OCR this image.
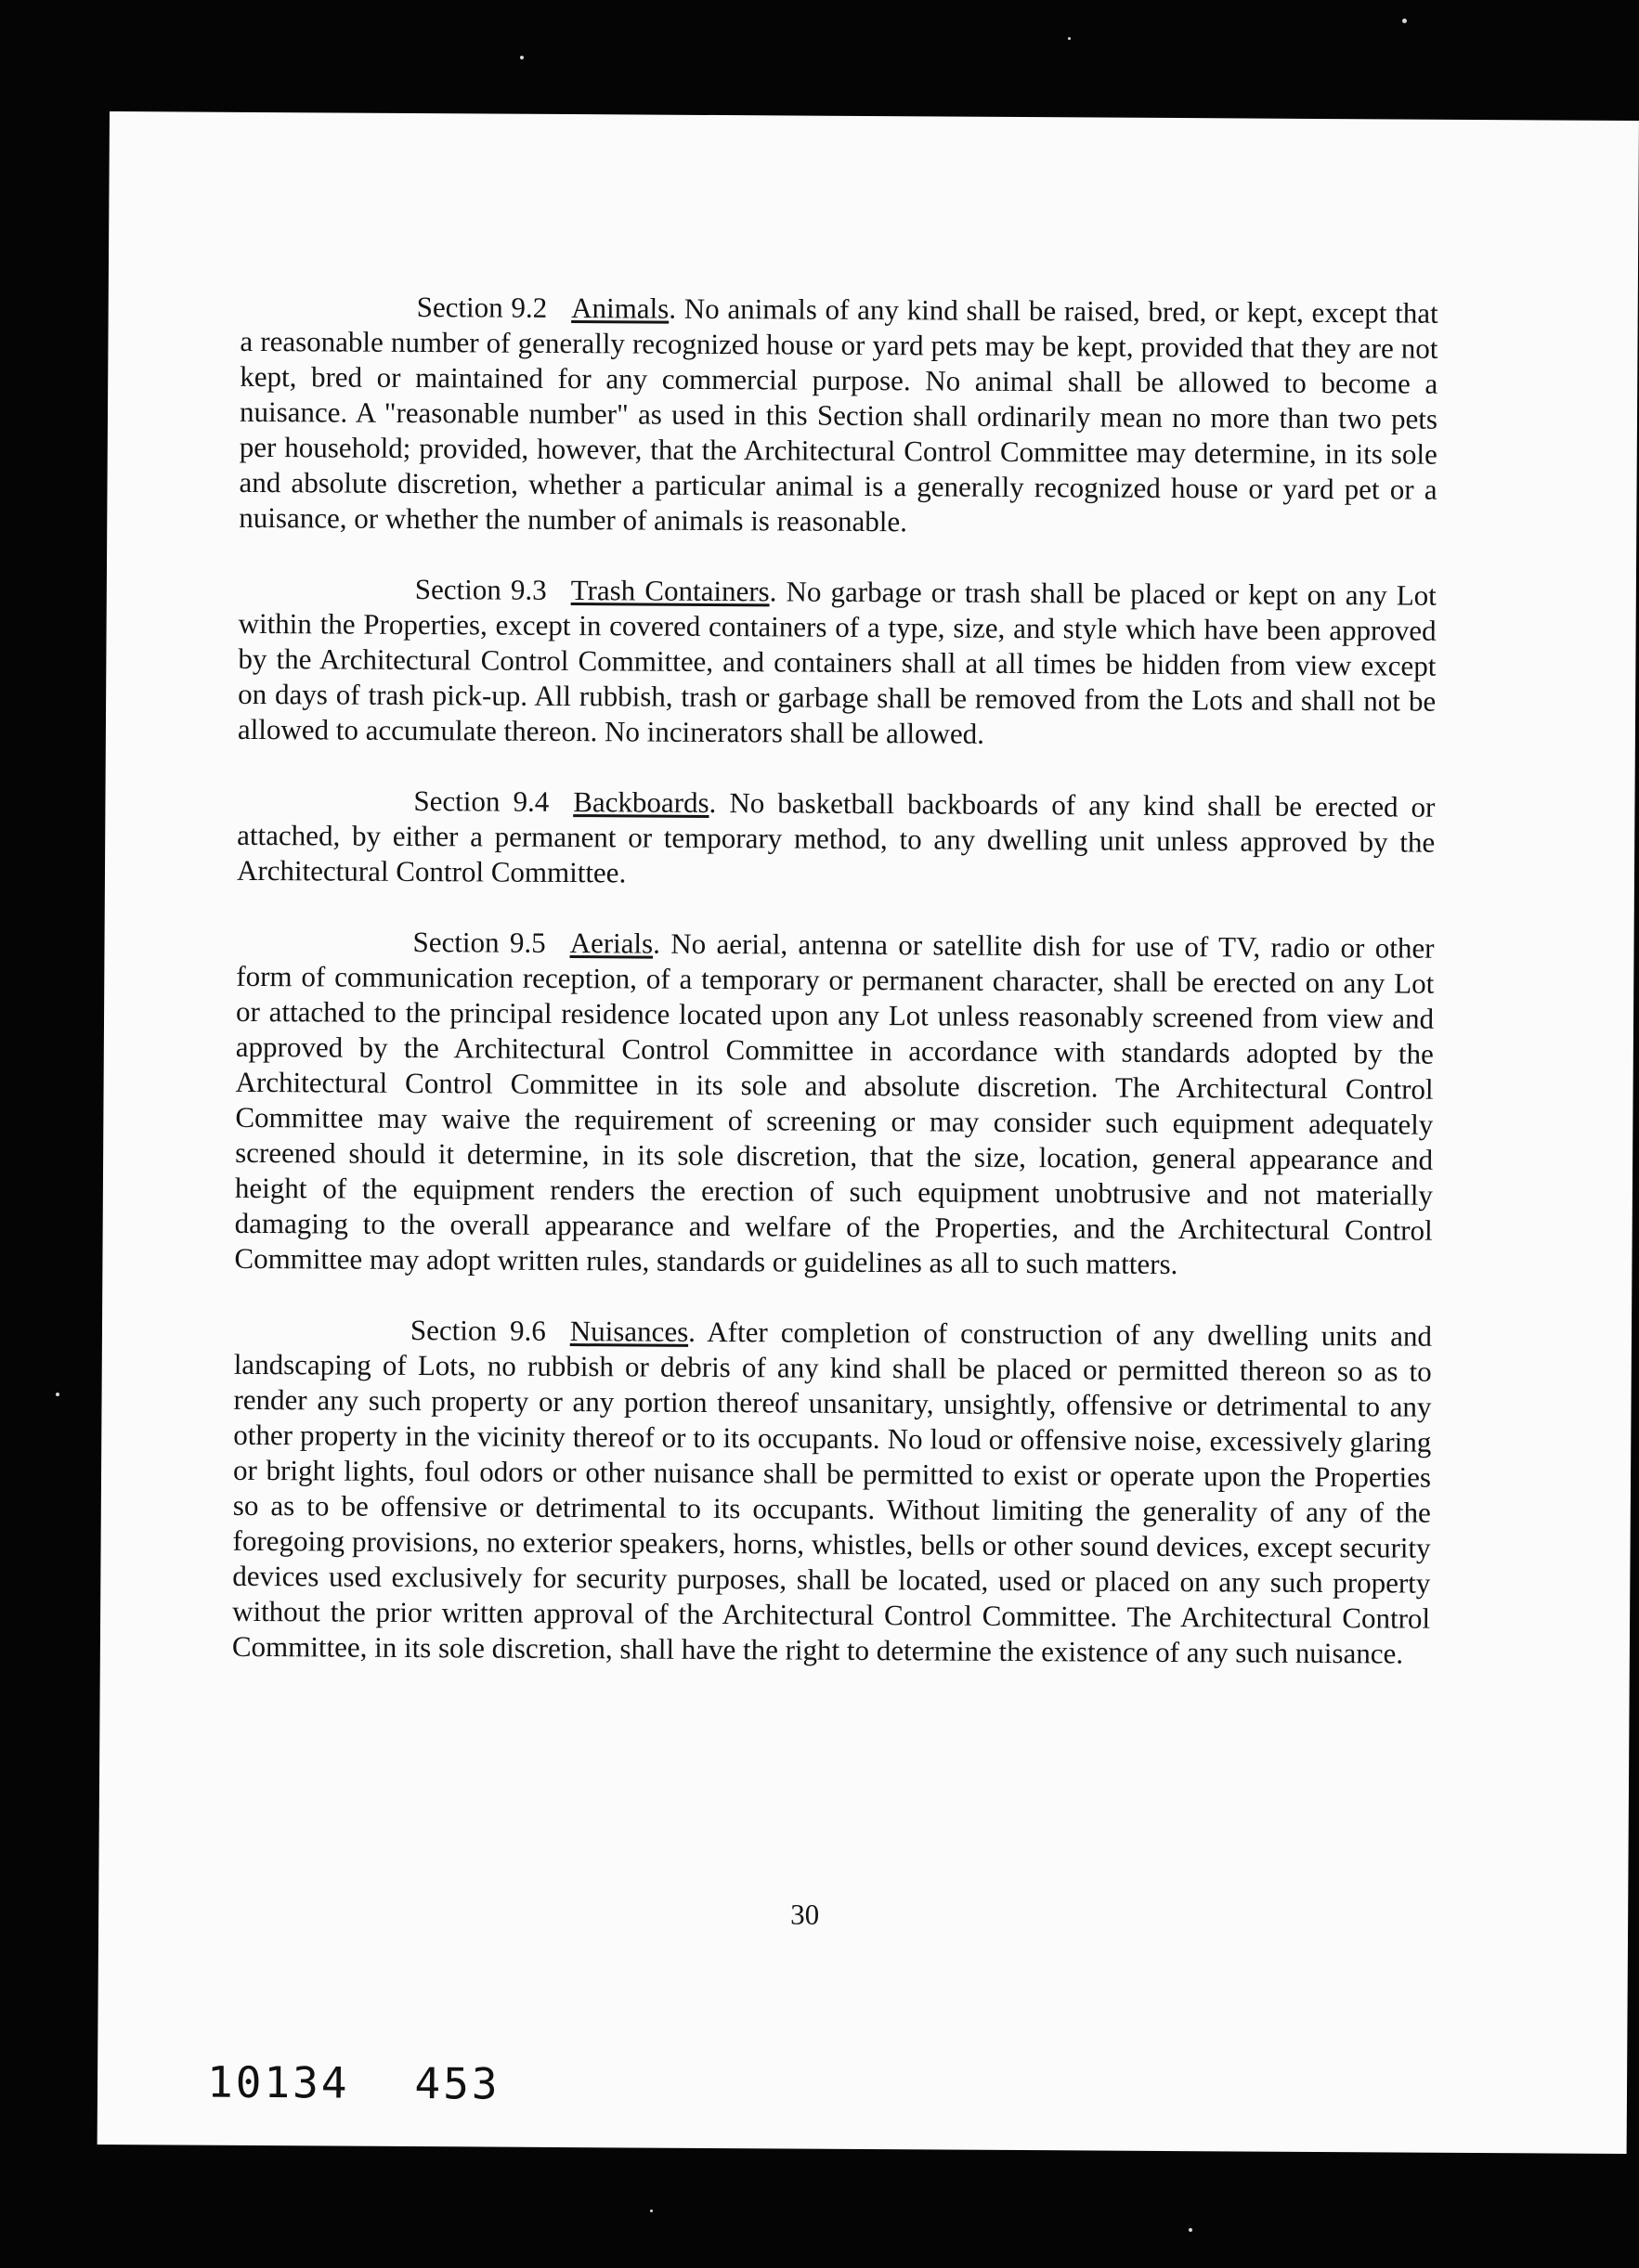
Section 9.2 Animals. No animals of any kind shall be raised, bred, or kept, except that a reasonable number of generally recognized house or yard pets may be kept, provided that they are not kept, bred or maintained for any commercial purpose. No animal shall be allowed to become a nuisance. A "reasonable number" as used in this Section shall ordinarily mean no more than two pets per household; provided, however, that the Architectural Control Committee may determine, in its sole and absolute discretion, whether a particular animal is a generally recognized house or yard pet or a nuisance, or whether the number of animals is reasonable.

Section 9.3 Trash Containers. No garbage or trash shall be placed or kept on any Lot within the Properties, except in covered containers of a type, size, and style which have been approved by the Architectural Control Committee, and containers shall at all times be hidden from view except on days of trash pick-up. All rubbish, trash or garbage shall be removed from the Lots and shall not be allowed to accumulate thereon. No incinerators shall be allowed.

Section 9.4 Backboards. No basketball backboards of any kind shall be erected or attached, by either a permanent or temporary method, to any dwelling unit unless approved by the Architectural Control Committee.

Section 9.5 Aerials. No aerial, antenna or satellite dish for use of TV, radio or other form of communication reception, of a temporary or permanent character, shall be erected on any Lot or attached to the principal residence located upon any Lot unless reasonably screened from view and approved by the Architectural Control Committee in accordance with standards adopted by the Architectural Control Committee in its sole and absolute discretion. The Architectural Control Committee may waive the requirement of screening or may consider such equipment adequately screened should it determine, in its sole discretion, that the size, location, general appearance and height of the equipment renders the erection of such equipment unobtrusive and not materially damaging to the overall appearance and welfare of the Properties, and the Architectural Control Committee may adopt written rules, standards or guidelines as all to such matters.

Section 9.6 Nuisances. After completion of construction of any dwelling units and landscaping of Lots, no rubbish or debris of any kind shall be placed or permitted thereon so as to render any such property or any portion thereof unsanitary, unsightly, offensive or detrimental to any other property in the vicinity thereof or to its occupants. No loud or offensive noise, excessively glaring or bright lights, foul odors or other nuisance shall be permitted to exist or operate upon the Properties so as to be offensive or detrimental to its occupants. Without limiting the generality of any of the foregoing provisions, no exterior speakers, horns, whistles, bells or other sound devices, except security devices used exclusively for security purposes, shall be located, used or placed on any such property without the prior written approval of the Architectural Control Committee. The Architectural Control Committee, in its sole discretion, shall have the right to determine the existence of any such nuisance.

30
10134 453
